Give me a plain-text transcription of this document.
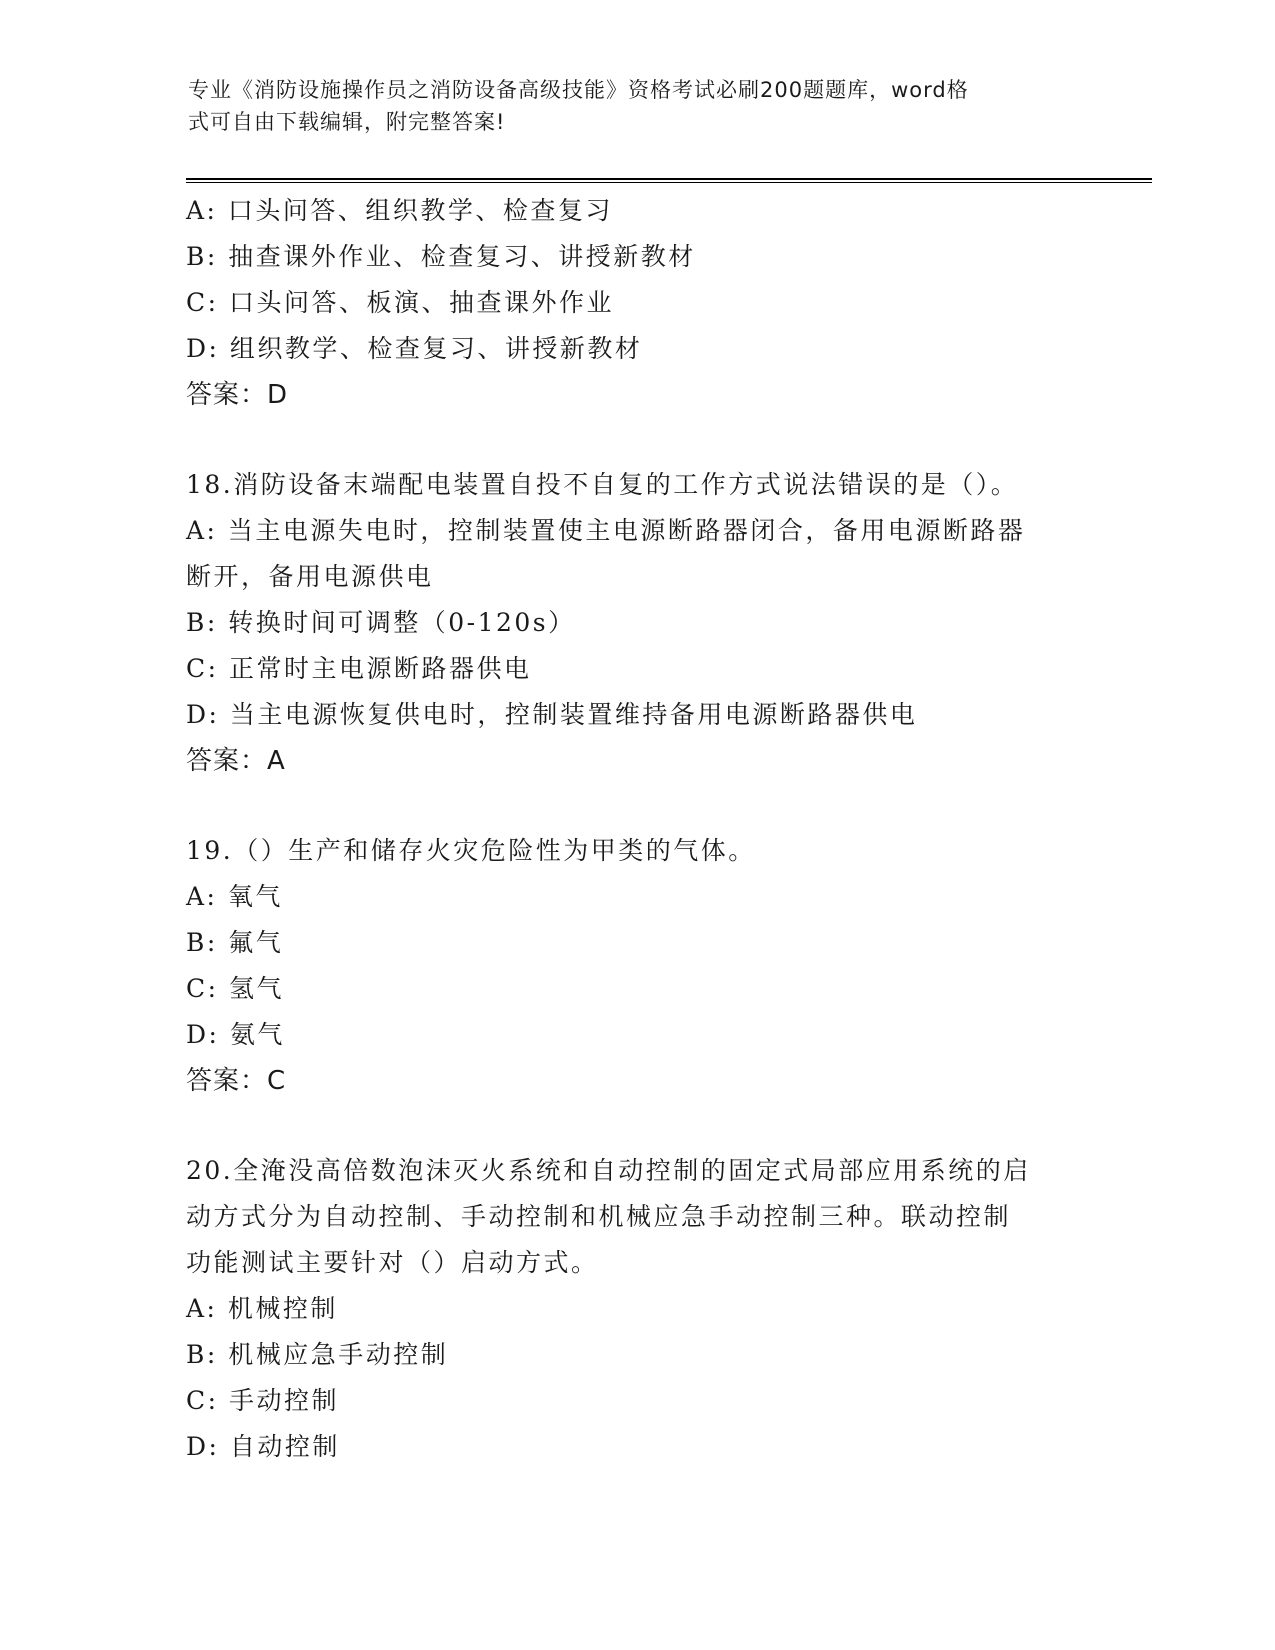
专业《消防设施操作员之消防设备高级技能》资格考试必刷200题题库，word格
式可自由下载编辑，附完整答案!
A: 口头问答、组织教学、检查复习
B: 抽查课外作业、检查复习、讲授新教材
C: 口头问答、板演、抽查课外作业
D: 组织教学、检查复习、讲授新教材
答案：D
18.消防设备末端配电装置自投不自复的工作方式说法错误的是（）。
A: 当主电源失电时，控制装置使主电源断路器闭合，备用电源断路器
断开，备用电源供电
B: 转换时间可调整（0-120s）
C: 正常时主电源断路器供电
D: 当主电源恢复供电时，控制装置维持备用电源断路器供电
答案：A
19.（）生产和储存火灾危险性为甲类的气体。
A: 氧气
B: 氟气
C: 氢气
D: 氨气
答案：C
20.全淹没高倍数泡沫灭火系统和自动控制的固定式局部应用系统的启
动方式分为自动控制、手动控制和机械应急手动控制三种。联动控制
功能测试主要针对（）启动方式。
A: 机械控制
B: 机械应急手动控制
C: 手动控制
D: 自动控制
